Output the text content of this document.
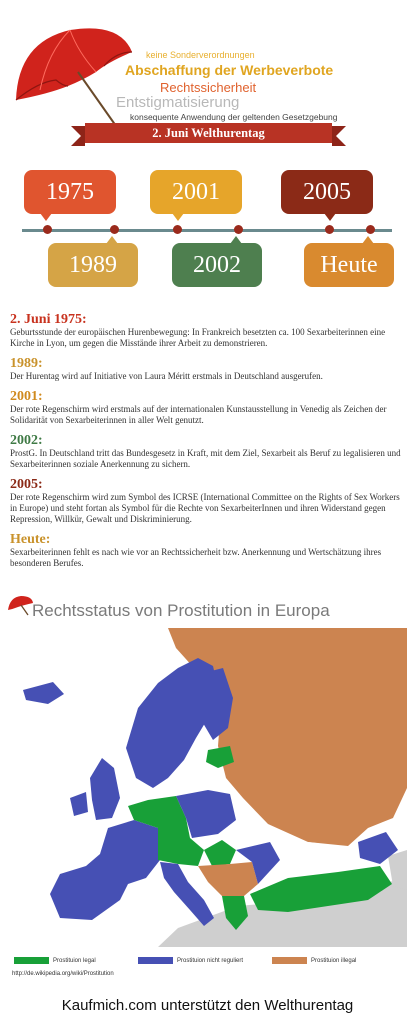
keine Sonderverordnungen
Abschaffung der Werbeverbote
Rechtssicherheit
Entstigmatisierung
konsequente Anwendung der geltenden Gesetzgebung
2. Juni Welthurentag
1975	2001	2005
1989	2002	Heute
2. Juni 1975:
Geburtsstunde der europäischen Hurenbewegung: In Frankreich besetzten ca. 100 Sexarbeiterinnen eine Kirche in Lyon, um gegen die Misstände ihrer Arbeit zu demonstrieren.
1989:
Der Hurentag wird auf Initiative von Laura Méritt erstmals in Deutschland ausgerufen.
2001:
Der rote Regenschirm wird erstmals auf der internationalen Kunstausstellung in Venedig als Zeichen der Solidarität von Sexarbeiterinnen in aller Welt genutzt.
2002:
ProstG. In Deutschland tritt das Bundesgesetz in Kraft, mit dem Ziel, Sexarbeit als Beruf zu legalisieren und Sexarbeiterinnen soziale Anerkennung zu sichern.
2005:
Der rote Regenschirm wird zum Symbol des ICRSE (International Committee on the Rights of Sex Workers in Europe) und steht fortan als Symbol für die Rechte von SexarbeiterInnen und ihren Widerstand gegen Repression, Willkür, Gewalt und Diskriminierung.
Heute:
Sexarbeiterinnen fehlt es nach wie vor an Rechtssicherheit bzw. Anerkennung und Wertschätzung ihres besonderen Berufes.
Rechtsstatus von Prostitution in Europa
Prostituion legal	Prostituion nicht reguliert	Prostituion illegal
http://de.wikipedia.org/wiki/Prostitution
Kaufmich.com unterstützt den Welthurentag
